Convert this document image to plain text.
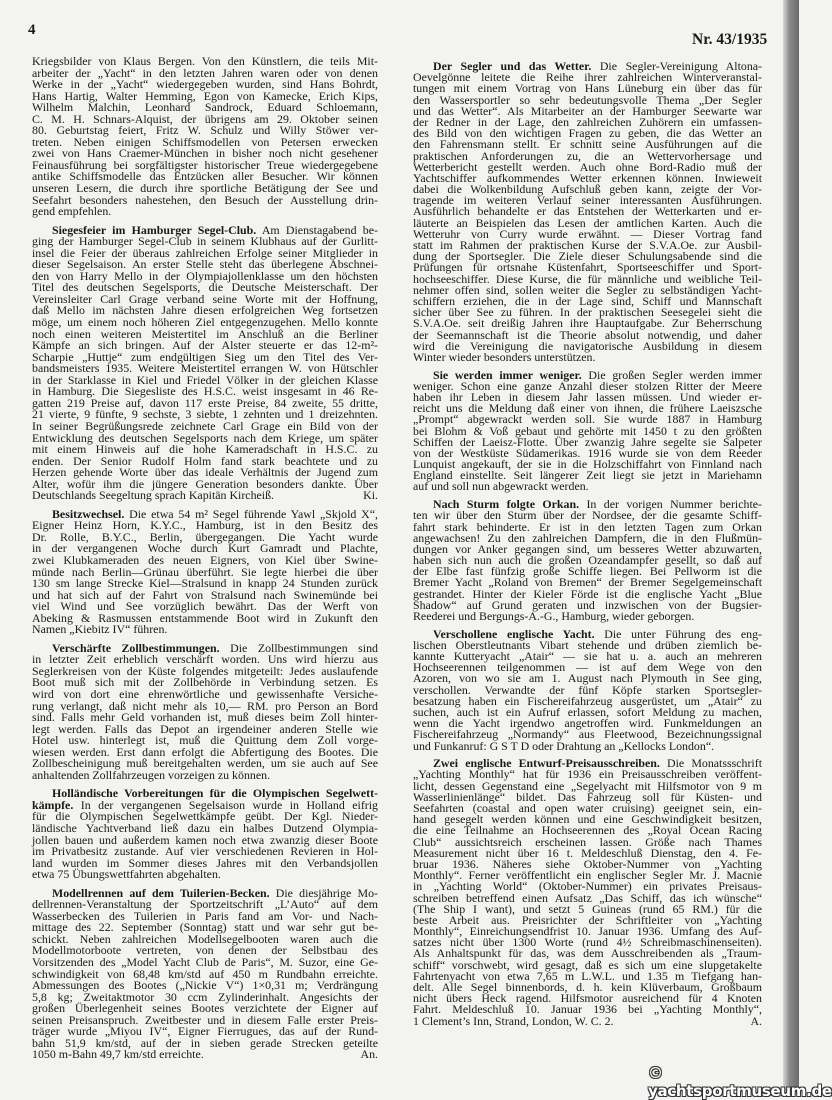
4
Nr. 43/1935
Kriegsbilder von Klaus Bergen. Von den Künstlern, die teils Mit-
arbeiter der „Yacht“ in den letzten Jahren waren oder von denen
Werke in der „Yacht“ wiedergegeben wurden, sind Hans Bohrdt,
Hans Hartig, Walter Hemming, Egon von Kamecke, Erich Kips,
Wilhelm Malchin, Leonhard Sandrock, Eduard Schloemann,
C. M. H. Schnars-Alquist, der übrigens am 29. Oktober seinen
80. Geburtstag feiert, Fritz W. Schulz und Willy Stöwer ver-
treten. Neben einigen Schiffsmodellen von Petersen erwecken
zwei von Hans Craemer-München in bisher noch nicht gesehener
Feinausführung bei sorgfältigster historischer Treue wiedergegebene
antike Schiffsmodelle das Entzücken aller Besucher. Wir können
unseren Lesern, die durch ihre sportliche Betätigung der See und
Seefahrt besonders nahestehen, den Besuch der Ausstellung drin-
gend empfehlen.
Siegesfeier im Hamburger Segel-Club. Am Dienstagabend be-
ging der Hamburger Segel-Club in seinem Klubhaus auf der Gurlitt-
insel die Feier der überaus zahlreichen Erfolge seiner Mitglieder in
dieser Segelsaison. An erster Stelle steht das überlegene Abschnei-
den von Harry Mello in der Olympiajollenklasse um den höchsten
Titel des deutschen Segelsports, die Deutsche Meisterschaft. Der
Vereinsleiter Carl Grage verband seine Worte mit der Hoffnung,
daß Mello im nächsten Jahre diesen erfolgreichen Weg fortsetzen
möge, um einem noch höheren Ziel entgegenzugehen. Mello konnte
noch einen weiteren Meistertitel im Anschluß an die Berliner
Kämpfe an sich bringen. Auf der Alster steuerte er das 12-m²-
Scharpie „Huttje“ zum endgültigen Sieg um den Titel des Ver-
bandsmeisters 1935. Weitere Meistertitel errangen W. von Hütschler
in der Starklasse in Kiel und Friedel Völker in der gleichen Klasse
in Hamburg. Die Siegesliste des H.S.C. weist insgesamt in 46 Re-
gatten 219 Preise auf, davon 117 erste Preise, 84 zweite, 55 dritte,
21 vierte, 9 fünfte, 9 sechste, 3 siebte, 1 zehnten und 1 dreizehnten.
In seiner Begrüßungsrede zeichnete Carl Grage ein Bild von der
Entwicklung des deutschen Segelsports nach dem Kriege, um später
mit einem Hinweis auf die hohe Kameradschaft in H.S.C. zu
enden. Der Senior Rudolf Holm fand stark beachtete und zu
Herzen gehende Worte über das ideale Verhältnis der Jugend zum
Alter, wofür ihm die jüngere Generation besonders dankte. Über
Deutschlands Seegeltung sprach Kapitän Kircheiß.	Ki.
Besitzwechsel. Die etwa 54 m² Segel führende Yawl „Skjold X“,
Eigner Heinz Horn, K.Y.C., Hamburg, ist in den Besitz des
Dr. Rolle, B.Y.C., Berlin, übergegangen. Die Yacht wurde
in der vergangenen Woche durch Kurt Gamradt und Plachte,
zwei Klubkameraden des neuen Eigners, von Kiel über Swine-
münde nach Berlin—Grünau überführt. Sie legte hierbei die über
130 sm lange Strecke Kiel—Stralsund in knapp 24 Stunden zurück
und hat sich auf der Fahrt von Stralsund nach Swinemünde bei
viel Wind und See vorzüglich bewährt. Das der Werft von
Abeking & Rasmussen entstammende Boot wird in Zukunft den
Namen „Kiebitz IV“ führen.
Verschärfte Zollbestimmungen. Die Zollbestimmungen sind
in letzter Zeit erheblich verschärft worden. Uns wird hierzu aus
Seglerkreisen von der Küste folgendes mitgeteilt: Jedes auslaufende
Boot muß sich mit der Zollbehörde in Verbindung setzen. Es
wird von dort eine ehrenwörtliche und gewissenhafte Versiche-
rung verlangt, daß nicht mehr als 10,— RM. pro Person an Bord
sind. Falls mehr Geld vorhanden ist, muß dieses beim Zoll hinter-
legt werden. Falls das Depot an irgendeiner anderen Stelle wie
Hotel usw. hinterlegt ist, muß die Quittung dem Zoll vorge-
wiesen werden. Erst dann erfolgt die Abfertigung des Bootes. Die
Zollbescheinigung muß bereitgehalten werden, um sie auch auf See
anhaltenden Zollfahrzeugen vorzeigen zu können.
Holländische Vorbereitungen für die Olympischen Segelwett-
kämpfe. In der vergangenen Segelsaison wurde in Holland eifrig
für die Olympischen Segelwettkämpfe geübt. Der Kgl. Nieder-
ländische Yachtverband ließ dazu ein halbes Dutzend Olympia-
jollen bauen und außerdem kamen noch etwa zwanzig dieser Boote
im Privatbesitz zustande. Auf vier verschiedenen Revieren in Hol-
land wurden im Sommer dieses Jahres mit den Verbandsjollen
etwa 75 Übungswettfahrten abgehalten.
Modellrennen auf dem Tuilerien-Becken. Die diesjährige Mo-
dellrennen-Veranstaltung der Sportzeitschrift „L’Auto“ auf dem
Wasserbecken des Tuilerien in Paris fand am Vor- und Nach-
mittage des 22. September (Sonntag) statt und war sehr gut be-
schickt. Neben zahlreichen Modellsegelbooten waren auch die
Modellmotorboote vertreten, von denen der Selbstbau des
Vorsitzenden des „Model Yacht Club de Paris“, M. Suzor, eine Ge-
schwindigkeit von 68,48 km/std auf 450 m Rundbahn erreichte.
Abmessungen des Bootes („Nickie V“) 1×0,31 m; Verdrängung
5,8 kg; Zweitaktmotor 30 ccm Zylinderinhalt. Angesichts der
großen Überlegenheit seines Bootes verzichtete der Eigner auf
seinen Preisanspruch. Zweitbester und in diesem Falle erster Preis-
träger wurde „Miyou IV“, Eigner Fierrugues, das auf der Rund-
bahn 51,9 km/std, auf der in sieben gerade Strecken geteilte
1050 m-Bahn 49,7 km/std erreichte.	An.
Der Segler und das Wetter. Die Segler-Vereinigung Altona-
Oevelgönne leitete die Reihe ihrer zahlreichen Winterveranstal-
tungen mit einem Vortrag von Hans Lüneburg ein über das für
den Wassersportler so sehr bedeutungsvolle Thema „Der Segler
und das Wetter“. Als Mitarbeiter an der Hamburger Seewarte war
der Redner in der Lage, den zahlreichen Zuhörern ein umfassen-
des Bild von den wichtigen Fragen zu geben, die das Wetter an
den Fahrensmann stellt. Er schnitt seine Ausführungen auf die
praktischen Anforderungen zu, die an Wettervorhersage und
Wetterbericht gestellt werden. Auch ohne Bord-Radio muß der
Yachtschiffer aufkommendes Wetter erkennen können. Inwieweit
dabei die Wolkenbildung Aufschluß geben kann, zeigte der Vor-
tragende im weiteren Verlauf seiner interessanten Ausführungen.
Ausführlich behandelte er das Entstehen der Wetterkarten und er-
läuterte an Beispielen das Lesen der amtlichen Karten. Auch die
Wetteruhr von Curry wurde erwähnt. — Dieser Vortrag fand
statt im Rahmen der praktischen Kurse der S.V.A.Oe. zur Ausbil-
dung der Sportsegler. Die Ziele dieser Schulungsabende sind die
Prüfungen für ortsnahe Küstenfahrt, Sportseeschiffer und Sport-
hochseeschiffer. Diese Kurse, die für männliche und weibliche Teil-
nehmer offen sind, sollen weiter die Segler zu selbständigen Yacht-
schiffern erziehen, die in der Lage sind, Schiff und Mannschaft
sicher über See zu führen. In der praktischen Seesegelei sieht die
S.V.A.Oe. seit dreißig Jahren ihre Hauptaufgabe. Zur Beherrschung
der Seemannschaft ist die Theorie absolut notwendig, und daher
wird die Vereinigung die navigatorische Ausbildung in diesem
Winter wieder besonders unterstützen.
Sie werden immer weniger. Die großen Segler werden immer
weniger. Schon eine ganze Anzahl dieser stolzen Ritter der Meere
haben ihr Leben in diesem Jahr lassen müssen. Und wieder er-
reicht uns die Meldung daß einer von ihnen, die frühere Laeiszsche
„Prompt“ abgewrackt werden soll. Sie wurde 1887 in Hamburg
bei Blohm & Voß gebaut und gehörte mit 1450 t zu den größten
Schiffen der Laeisz-Flotte. Über zwanzig Jahre segelte sie Salpeter
von der Westküste Südamerikas. 1916 wurde sie von dem Reeder
Lunquist angekauft, der sie in die Holzschiffahrt von Finnland nach
England einstellte. Seit längerer Zeit liegt sie jetzt in Mariehamn
auf und soll nun abgewrackt werden.
Nach Sturm folgte Orkan. In der vorigen Nummer berichte-
ten wir über den Sturm über der Nordsee, der die gesamte Schiff-
fahrt stark behinderte. Er ist in den letzten Tagen zum Orkan
angewachsen! Zu den zahlreichen Dampfern, die in den Flußmün-
dungen vor Anker gegangen sind, um besseres Wetter abzuwarten,
haben sich nun auch die großen Ozeandampfer gesellt, so daß auf
der Elbe fast fünfzig große Schiffe liegen. Bei Pellworm ist die
Bremer Yacht „Roland von Bremen“ der Bremer Segelgemeinschaft
gestrandet. Hinter der Kieler Förde ist die englische Yacht „Blue
Shadow“ auf Grund geraten und inzwischen von der Bugsier-
Reederei und Bergungs-A.-G., Hamburg, wieder geborgen.
Verschollene englische Yacht. Die unter Führung des eng-
lischen Oberstleutnants Vibart stehende und drüben ziemlich be-
kannte Kutteryacht „Atair“ — sie hat u. a. auch an mehreren
Hochseerennen teilgenommen — ist auf dem Wege von den
Azoren, von wo sie am 1. August nach Plymouth in See ging,
verschollen. Verwandte der fünf Köpfe starken Sportsegler-
besatzung haben ein Fischereifahrzeug ausgerüstet, um „Atair“ zu
suchen, auch ist ein Aufruf erlassen, sofort Meldung zu machen,
wenn die Yacht irgendwo angetroffen wird. Funkmeldungen an
Fischereifahrzeug „Normandy“ aus Fleetwood, Bezeichnungssignal
und Funkanruf: G S T D oder Drahtung an „Kellocks London“.
Zwei englische Entwurf-Preisausschreiben. Die Monatssschrift
„Yachting Monthly“ hat für 1936 ein Preisausschreiben veröffent-
licht, dessen Gegenstand eine „Segelyacht mit Hilfsmotor von 9 m
Wasserlinienlänge“ bildet. Das Fahrzeug soll für Küsten- und
Seefahrten (coastal and open water cruising) geeignet sein, ein-
hand gesegelt werden können und eine Geschwindigkeit besitzen,
die eine Teilnahme an Hochseerennen des „Royal Ocean Racing
Club“ aussichtsreich erscheinen lassen. Größe nach Thames
Measurement nicht über 16 t. Meldeschluß Dienstag, den 4. Fe-
bruar 1936. Näheres siehe Oktober-Nummer von „Yachting
Monthly“. Ferner veröffentlicht ein englischer Segler Mr. J. Macnie
in „Yachting World“ (Oktober-Nummer) ein privates Preisaus-
schreiben betreffend einen Aufsatz „Das Schiff, das ich wünsche“
(The Ship I want), und setzt 5 Guineas (rund 65 RM.) für die
beste Arbeit aus. Preisrichter der Schriftleiter von „Yachting
Monthly“, Einreichungsendfrist 10. Januar 1936. Umfang des Auf-
satzes nicht über 1300 Worte (rund 4½ Schreibmaschinenseiten).
Als Anhaltspunkt für das, was dem Ausschreibenden als „Traum-
schiff“ vorschwebt, wird gesagt, daß es sich um eine slupgetakelte
Fahrtenyacht von etwa 7,65 m L.W.L. und 1.35 m Tiefgang han-
delt. Alle Segel binnenbords, d. h. kein Klüverbaum, Großbaum
nicht übers Heck ragend. Hilfsmotor ausreichend für 4 Knoten
Fahrt. Meldeschluß 10. Januar 1936 bei „Yachting Monthly“,
1 Clement’s Inn, Strand, London, W. C. 2.	A.
© yachtsportmuseum.de
